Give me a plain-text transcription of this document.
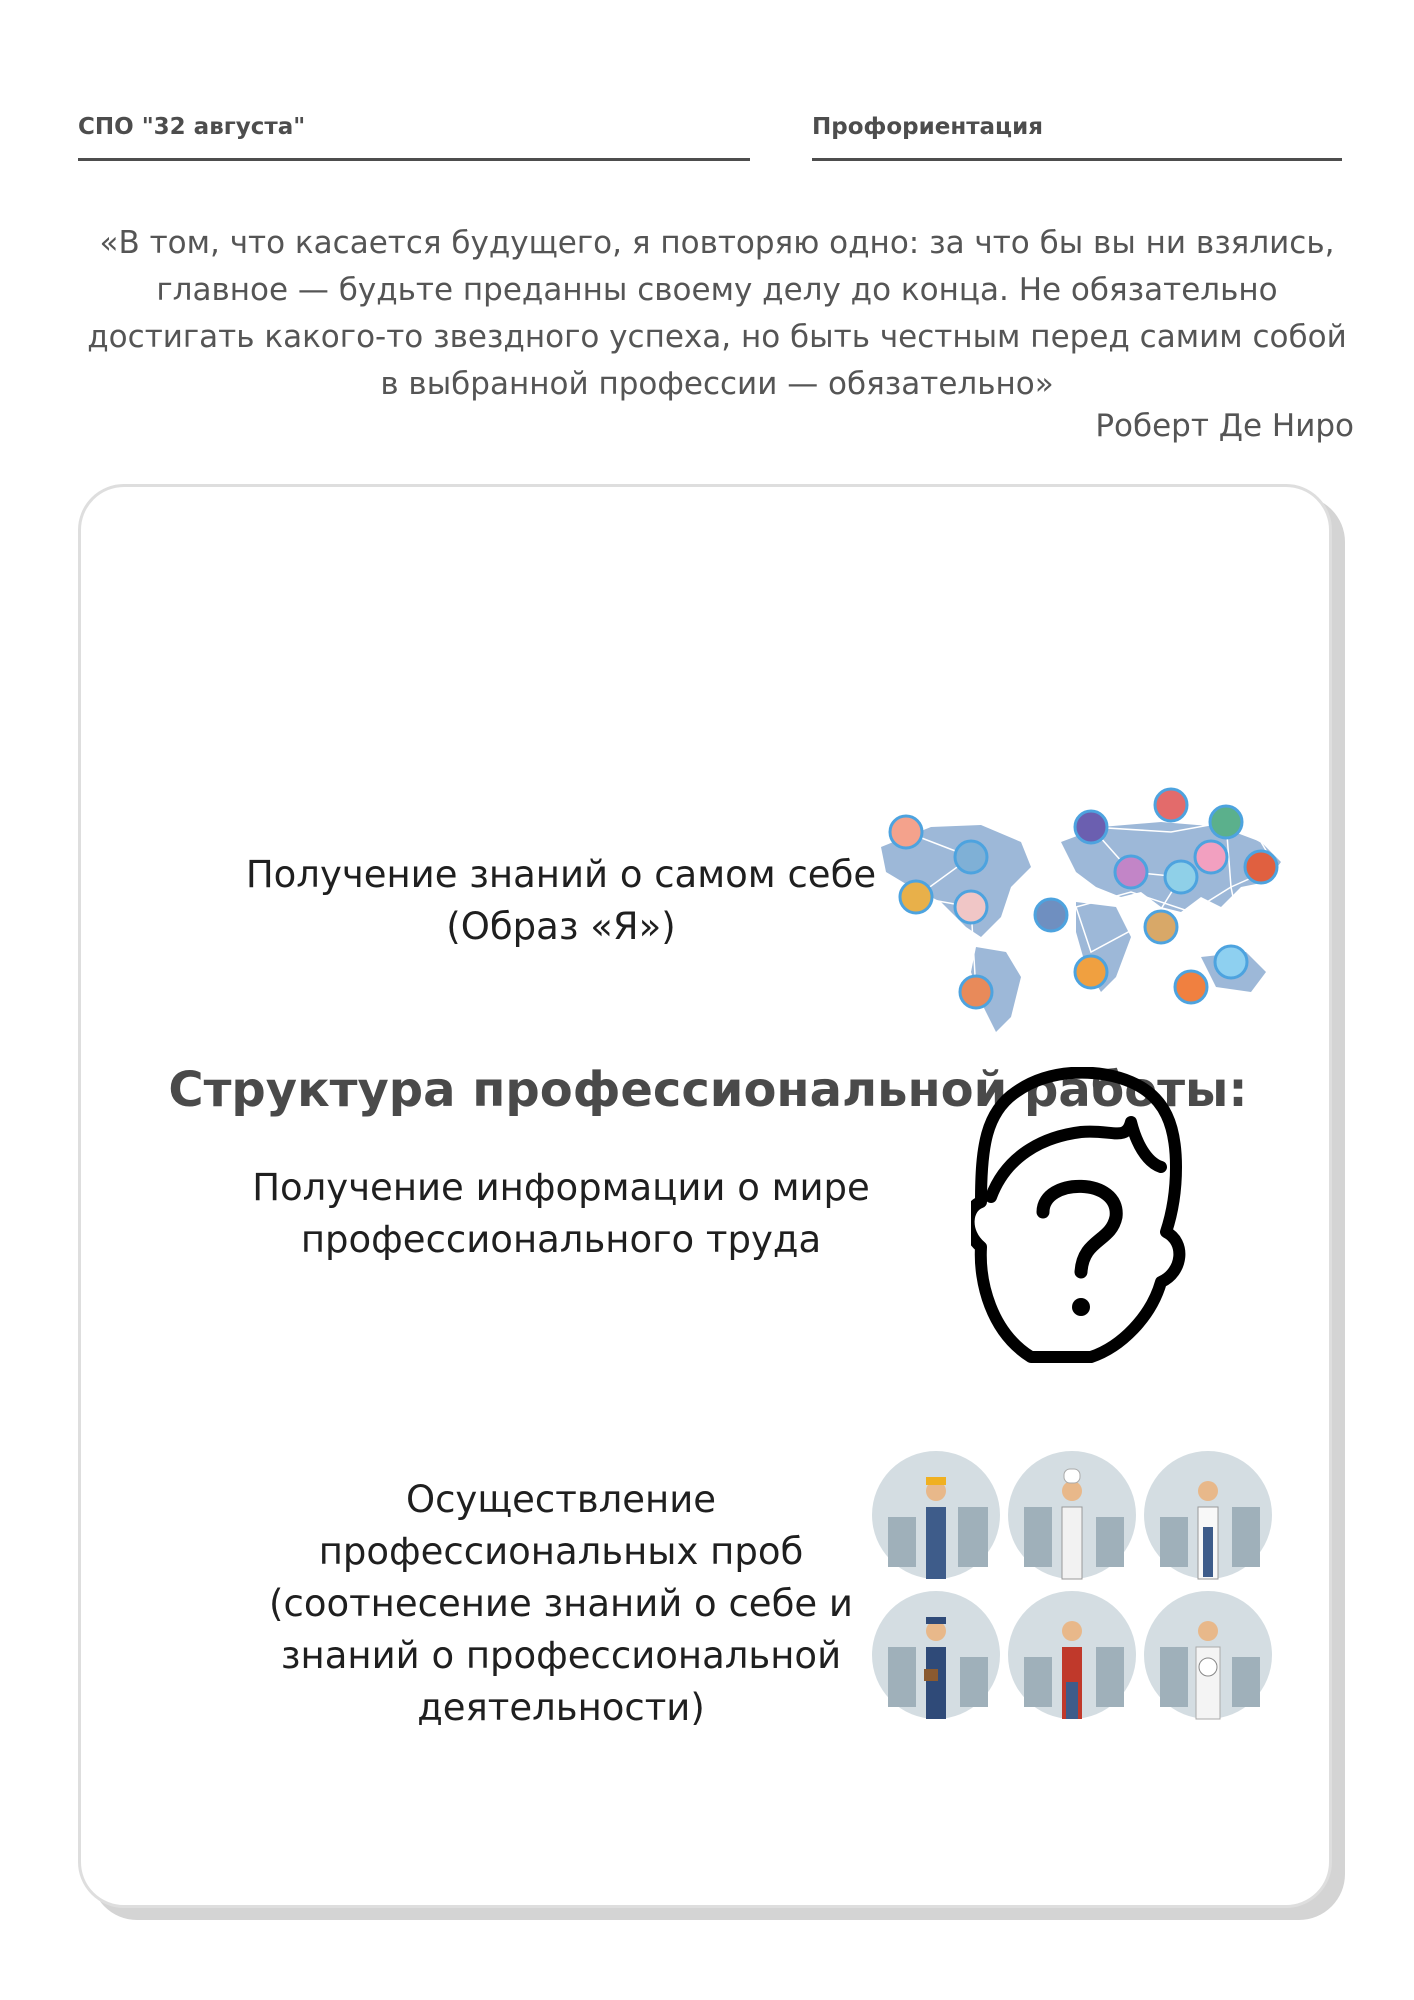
СПО "32 августа"	Профориентация
«В том, что касается будущего, я повторяю одно: за что бы вы ни взялись, главное — будьте преданны своему делу до конца. Не обязательно достигать какого-то звездного успеха, но быть честным перед самим собой в выбранной профессии — обязательно»
Роберт Де Ниро
Структура профессиональной работы:
Получение знаний о самом себе (Образ «Я»)
Получение информации о мире профессионального труда
Осуществление профессиональных проб (соотнесение знаний о себе и знаний о профессиональной деятельности)
